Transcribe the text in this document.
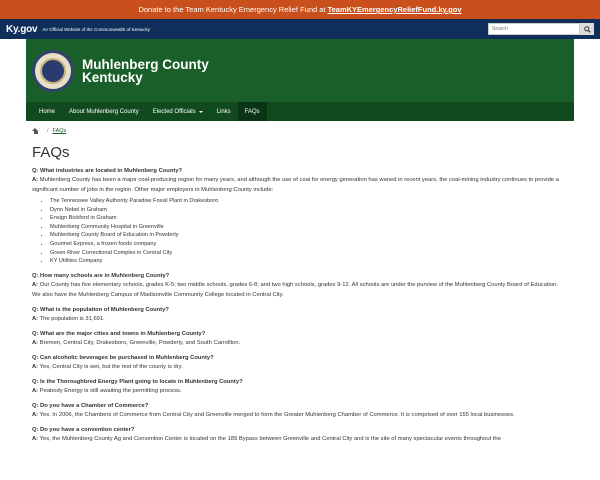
Donate to the Team Kentucky Emergency Relief Fund at TeamKYEmergencyReliefFund.ky.gov
Ky.gov An Official Website of the Commonwealth of Kentucky
Search
Muhlenberg County
Kentucky
Home About Muhlenberg County Elected Officials	Links FAQs
/ FAQs
FAQs
Q: What industries are located in Muhlenberg County?
A: Muhlenberg County has been a major coal-producing region for many years, and although the use of coal for energy generation has waned in recent years, the coal-mining industry continues to provide a significant number of jobs in the region. Other major employers in Muhlenberg County include:
• The Tennessee Valley Authority Paradise Fossil Plant in Drakesboro
• Dyno Nobel in Graham
• Ensign Bickford in Graham
• Muhlenberg Community Hospital in Greenville
• Muhlenberg County Board of Education in Powderly
• Gourmet Express, a frozen foods company
• Green River Correctional Complex in Central City
• KY Utilities Company
Q: How many schools are in Muhlenberg County?
A: Our County has five elementary schools, grades K-5; two middle schools, grades 6-8; and two high schools, grades 9-12. All schools are under the purview of the Muhlenberg County Board of Education. We also have the Muhlenberg Campus of Madisonville Community College located in Central City.
Q: What is the population of Muhlenberg County?
A: The population is 31,691.
Q: What are the major cities and towns in Muhlenberg County?
A: Bremen, Central City, Drakesboro, Greenville, Powderly, and South Carrollton.
Q: Can alcoholic beverages be purchased in Muhlenberg County?
A: Yes, Central City is wet, but the rest of the county is dry.
Q: Is the Thoroughbred Energy Plant going to locate in Muhlenberg County?
A: Peabody Energy is still awaiting the permitting process.
Q: Do you have a Chamber of Commerce?
A: Yes. In 2006, the Chambers of Commerce from Central City and Greenville merged to form the Greater Muhlenberg Chamber of Commerce. It is comprised of over 155 local businesses.
Q: Do you have a convention center?
A: Yes, the Muhlenberg County Ag and Convention Center is located on the 189 Bypass between Greenville and Central City and is the site of many spectacular events throughout the
